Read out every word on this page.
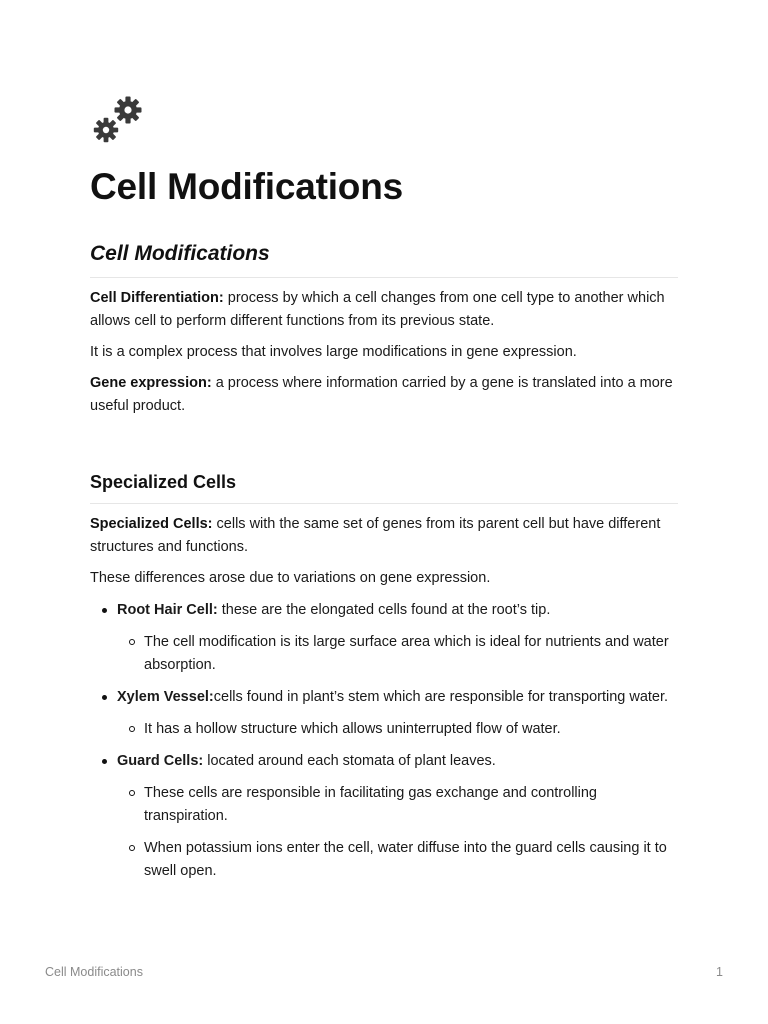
Cell Modifications
Cell Modifications

Cell Differentiation: process by which a cell changes from one cell type to another which allows cell to perform different functions from its previous state.

It is a complex process that involves large modifications in gene expression.

Gene expression: a process where information carried by a gene is translated into a more useful product.

Specialized Cells

Specialized Cells: cells with the same set of genes from its parent cell but have different structures and functions.

These differences arose due to variations on gene expression.

Root Hair Cell: these are the elongated cells found at the root’s tip.
The cell modification is its large surface area which is ideal for nutrients and water absorption.
Xylem Vessel:cells found in plant’s stem which are responsible for transporting water.
It has a hollow structure which allows uninterrupted flow of water.
Guard Cells: located around each stomata of plant leaves.
These cells are responsible in facilitating gas exchange and controlling transpiration.
When potassium ions enter the cell, water diffuse into the guard cells causing it to swell open.
Cell Modifications	1
